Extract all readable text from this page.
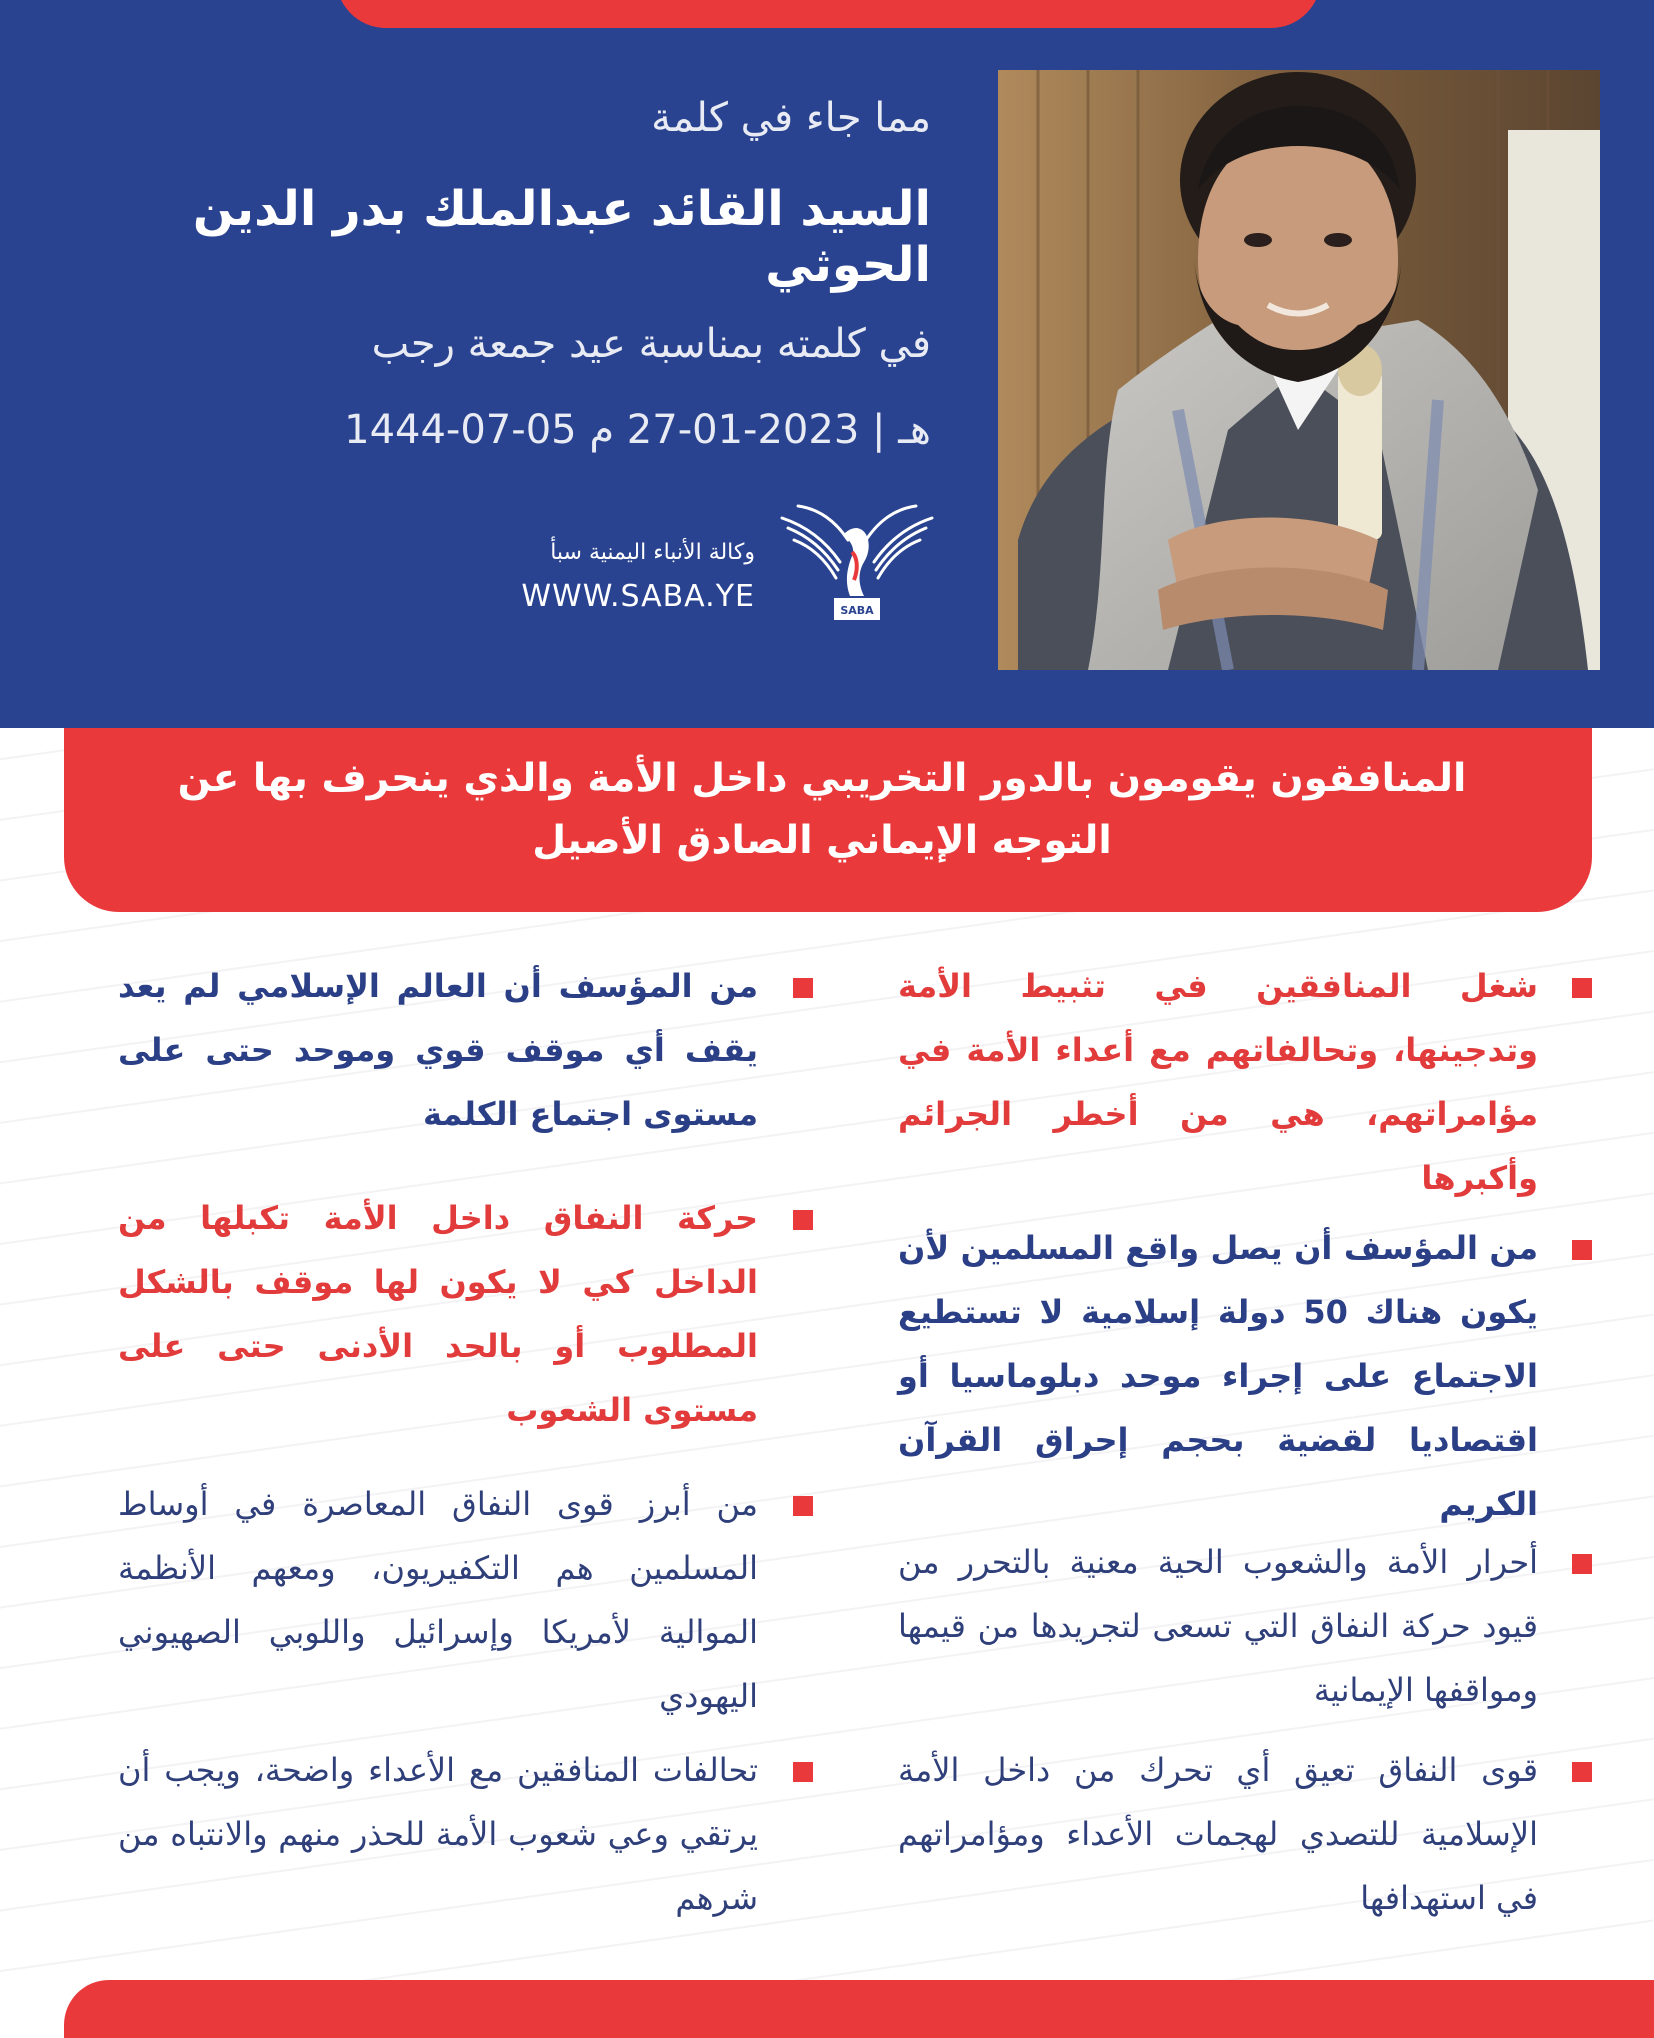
مما جاء في كلمة
السيد القائد عبدالملك بدر الدين الحوثي
في كلمته بمناسبة عيد جمعة رجب
1444-07-05 هـ | 2023-01-27 م
وكالة الأنباء اليمنية سبأ
WWW.SABA.YE	SABA
المنافقون يقومون بالدور التخريبي داخل الأمة والذي ينحرف بها عن التوجه الإيماني الصادق الأصيل
شغل المنافقين في تثبيط الأمة وتدجينها، وتحالفاتهم مع أعداء الأمة في مؤامراتهم، هي من أخطر الجرائم وأكبرها
من المؤسف أن يصل واقع المسلمين لأن يكون هناك 50 دولة إسلامية لا تستطيع الاجتماع على إجراء موحد دبلوماسيا أو اقتصاديا لقضية بحجم إحراق القرآن الكريم
أحرار الأمة والشعوب الحية معنية بالتحرر من قيود حركة النفاق التي تسعى لتجريدها من قيمها ومواقفها الإيمانية
قوى النفاق تعيق أي تحرك من داخل الأمة الإسلامية للتصدي لهجمات الأعداء ومؤامراتهم في استهدافها
من المؤسف أن العالم الإسلامي لم يعد يقف أي موقف قوي وموحد حتى على مستوى اجتماع الكلمة
حركة النفاق داخل الأمة تكبلها من الداخل كي لا يكون لها موقف بالشكل المطلوب أو بالحد الأدنى حتى على مستوى الشعوب
من أبرز قوى النفاق المعاصرة في أوساط المسلمين هم التكفيريون، ومعهم الأنظمة الموالية لأمريكا وإسرائيل واللوبي الصهيوني اليهودي
تحالفات المنافقين مع الأعداء واضحة، ويجب أن يرتقي وعي شعوب الأمة للحذر منهم والانتباه من شرهم
